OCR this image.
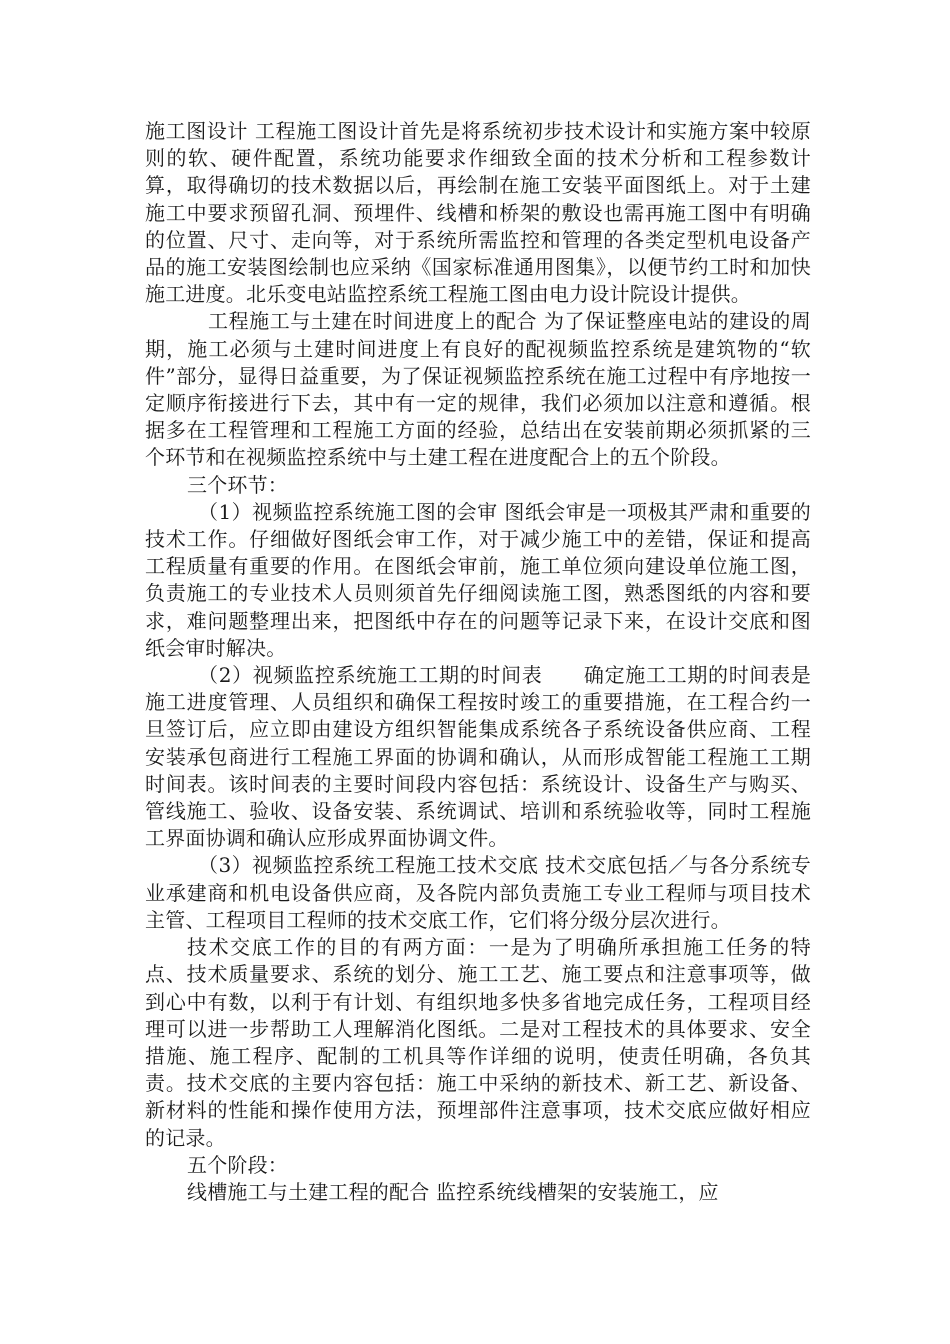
施工图设计 工程施工图设计首先是将系统初步技术设计和实施方案中较原则的软、硬件配置，系统功能要求作细致全面的技术分析和工程参数计算，取得确切的技术数据以后，再绘制在施工安装平面图纸上。对于土建施工中要求预留孔洞、预埋件、线槽和桥架的敷设也需再施工图中有明确的位置、尺寸、走向等，对于系统所需监控和管理的各类定型机电设备产品的施工安装图绘制也应采纳《国家标准通用图集》，以便节约工时和加快施工进度。北乐变电站监控系统工程施工图由电力设计院设计提供。

工程施工与土建在时间进度上的配合 为了保证整座电站的建设的周期，施工必须与土建时间进度上有良好的配视频监控系统是建筑物的“软件”部分，显得日益重要，为了保证视频监控系统在施工过程中有序地按一定顺序衔接进行下去，其中有一定的规律，我们必须加以注意和遵循。根据多在工程管理和工程施工方面的经验，总结出在安装前期必须抓紧的三个环节和在视频监控系统中与土建工程在进度配合上的五个阶段。

三个环节：

（1）视频监控系统施工图的会审 图纸会审是一项极其严肃和重要的技术工作。仔细做好图纸会审工作，对于减少施工中的差错，保证和提高工程质量有重要的作用。在图纸会审前，施工单位须向建设单位施工图，负责施工的专业技术人员则须首先仔细阅读施工图，熟悉图纸的内容和要求，难问题整理出来，把图纸中存在的问题等记录下来，在设计交底和图纸会审时解决。

（2）视频监控系统施工工期的时间表　　确定施工工期的时间表是施工进度管理、人员组织和确保工程按时竣工的重要措施，在工程合约一旦签订后，应立即由建设方组织智能集成系统各子系统设备供应商、工程安装承包商进行工程施工界面的协调和确认，从而形成智能工程施工工期时间表。该时间表的主要时间段内容包括：系统设计、设备生产与购买、管线施工、验收、设备安装、系统调试、培训和系统验收等，同时工程施工界面协调和确认应形成界面协调文件。

（3）视频监控系统工程施工技术交底 技术交底包括／与各分系统专业承建商和机电设备供应商，及各院内部负责施工专业工程师与项目技术主管、工程项目工程师的技术交底工作，它们将分级分层次进行。

技术交底工作的目的有两方面：一是为了明确所承担施工任务的特点、技术质量要求、系统的划分、施工工艺、施工要点和注意事项等，做到心中有数，以利于有计划、有组织地多快多省地完成任务，工程项目经理可以进一步帮助工人理解消化图纸。二是对工程技术的具体要求、安全措施、施工程序、配制的工机具等作详细的说明，使责任明确，各负其责。技术交底的主要内容包括：施工中采纳的新技术、新工艺、新设备、新材料的性能和操作使用方法，预埋部件注意事项，技术交底应做好相应的记录。

五个阶段：

线槽施工与土建工程的配合 监控系统线槽架的安装施工，应
